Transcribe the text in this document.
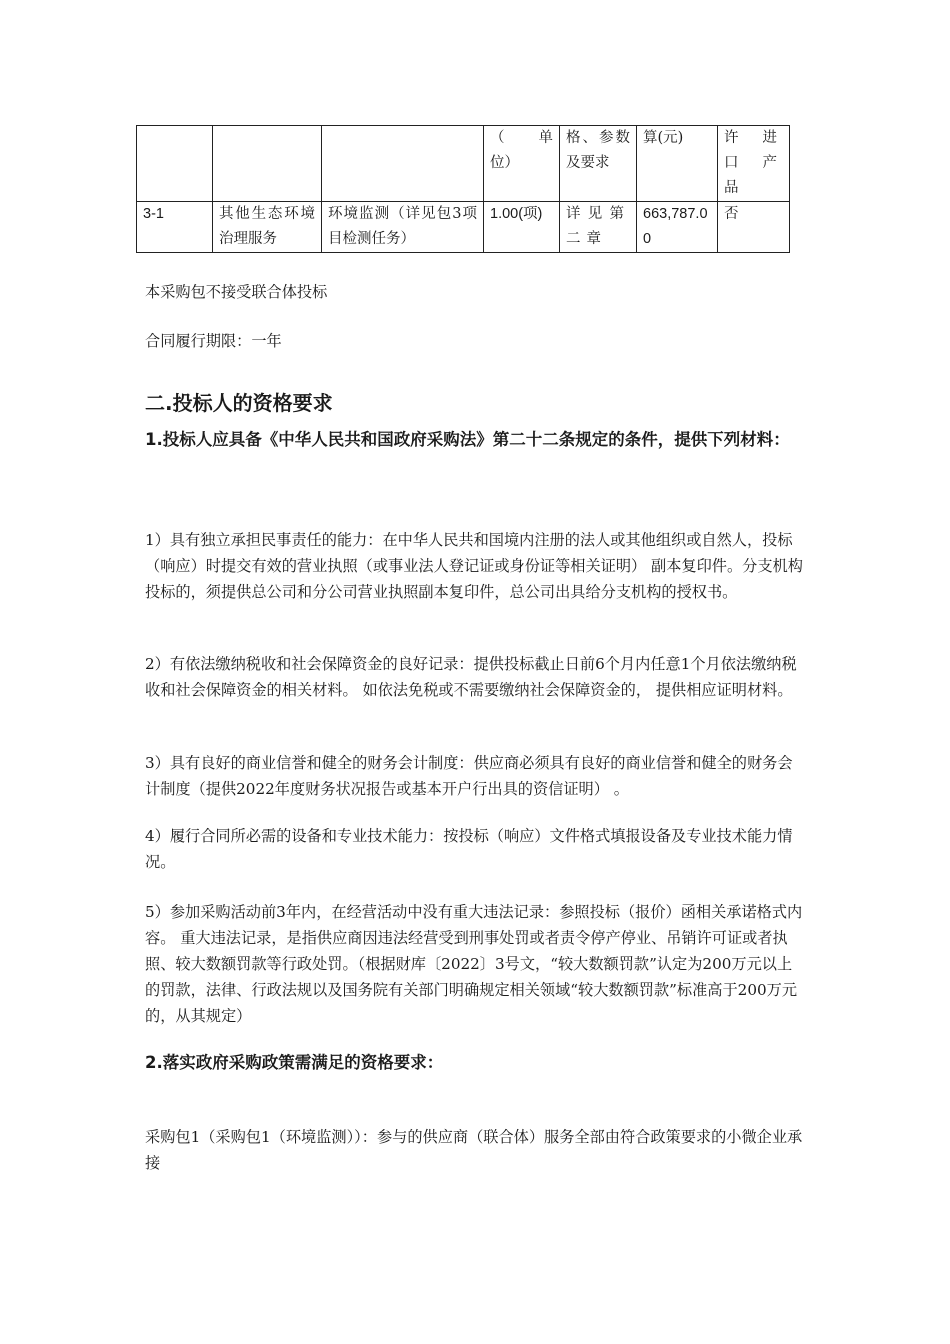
			（　单位）	格、参数及要求	算(元)	许进口产品
3-1	其他生态环境治理服务	环境监测（详见包3项目检测任务）	1.00(项)	详见第二章	663,787.00	否

本采购包不接受联合体投标

合同履行期限：一年

二.投标人的资格要求
1.投标人应具备《中华人民共和国政府采购法》第二十二条规定的条件，提供下列材料：

1）具有独立承担民事责任的能力：在中华人民共和国境内注册的法人或其他组织或自然人，投标（响应）时提交有效的营业执照（或事业法人登记证或身份证等相关证明） 副本复印件。分支机构投标的，须提供总公司和分公司营业执照副本复印件，总公司出具给分支机构的授权书。

2）有依法缴纳税收和社会保障资金的良好记录：提供投标截止日前6个月内任意1个月依法缴纳税收和社会保障资金的相关材料。 如依法免税或不需要缴纳社会保障资金的， 提供相应证明材料。

3）具有良好的商业信誉和健全的财务会计制度：供应商必须具有良好的商业信誉和健全的财务会计制度（提供2022年度财务状况报告或基本开户行出具的资信证明） 。

4）履行合同所必需的设备和专业技术能力：按投标（响应）文件格式填报设备及专业技术能力情况。

5）参加采购活动前3年内，在经营活动中没有重大违法记录：参照投标（报价）函相关承诺格式内容。 重大违法记录，是指供应商因违法经营受到刑事处罚或者责令停产停业、吊销许可证或者执照、较大数额罚款等行政处罚。（根据财库〔2022〕3号文，“较大数额罚款”认定为200万元以上的罚款，法律、行政法规以及国务院有关部门明确规定相关领域“较大数额罚款”标准高于200万元的，从其规定）

2.落实政府采购政策需满足的资格要求：

采购包1（采购包1（环境监测））：参与的供应商（联合体）服务全部由符合政策要求的小微企业承接
